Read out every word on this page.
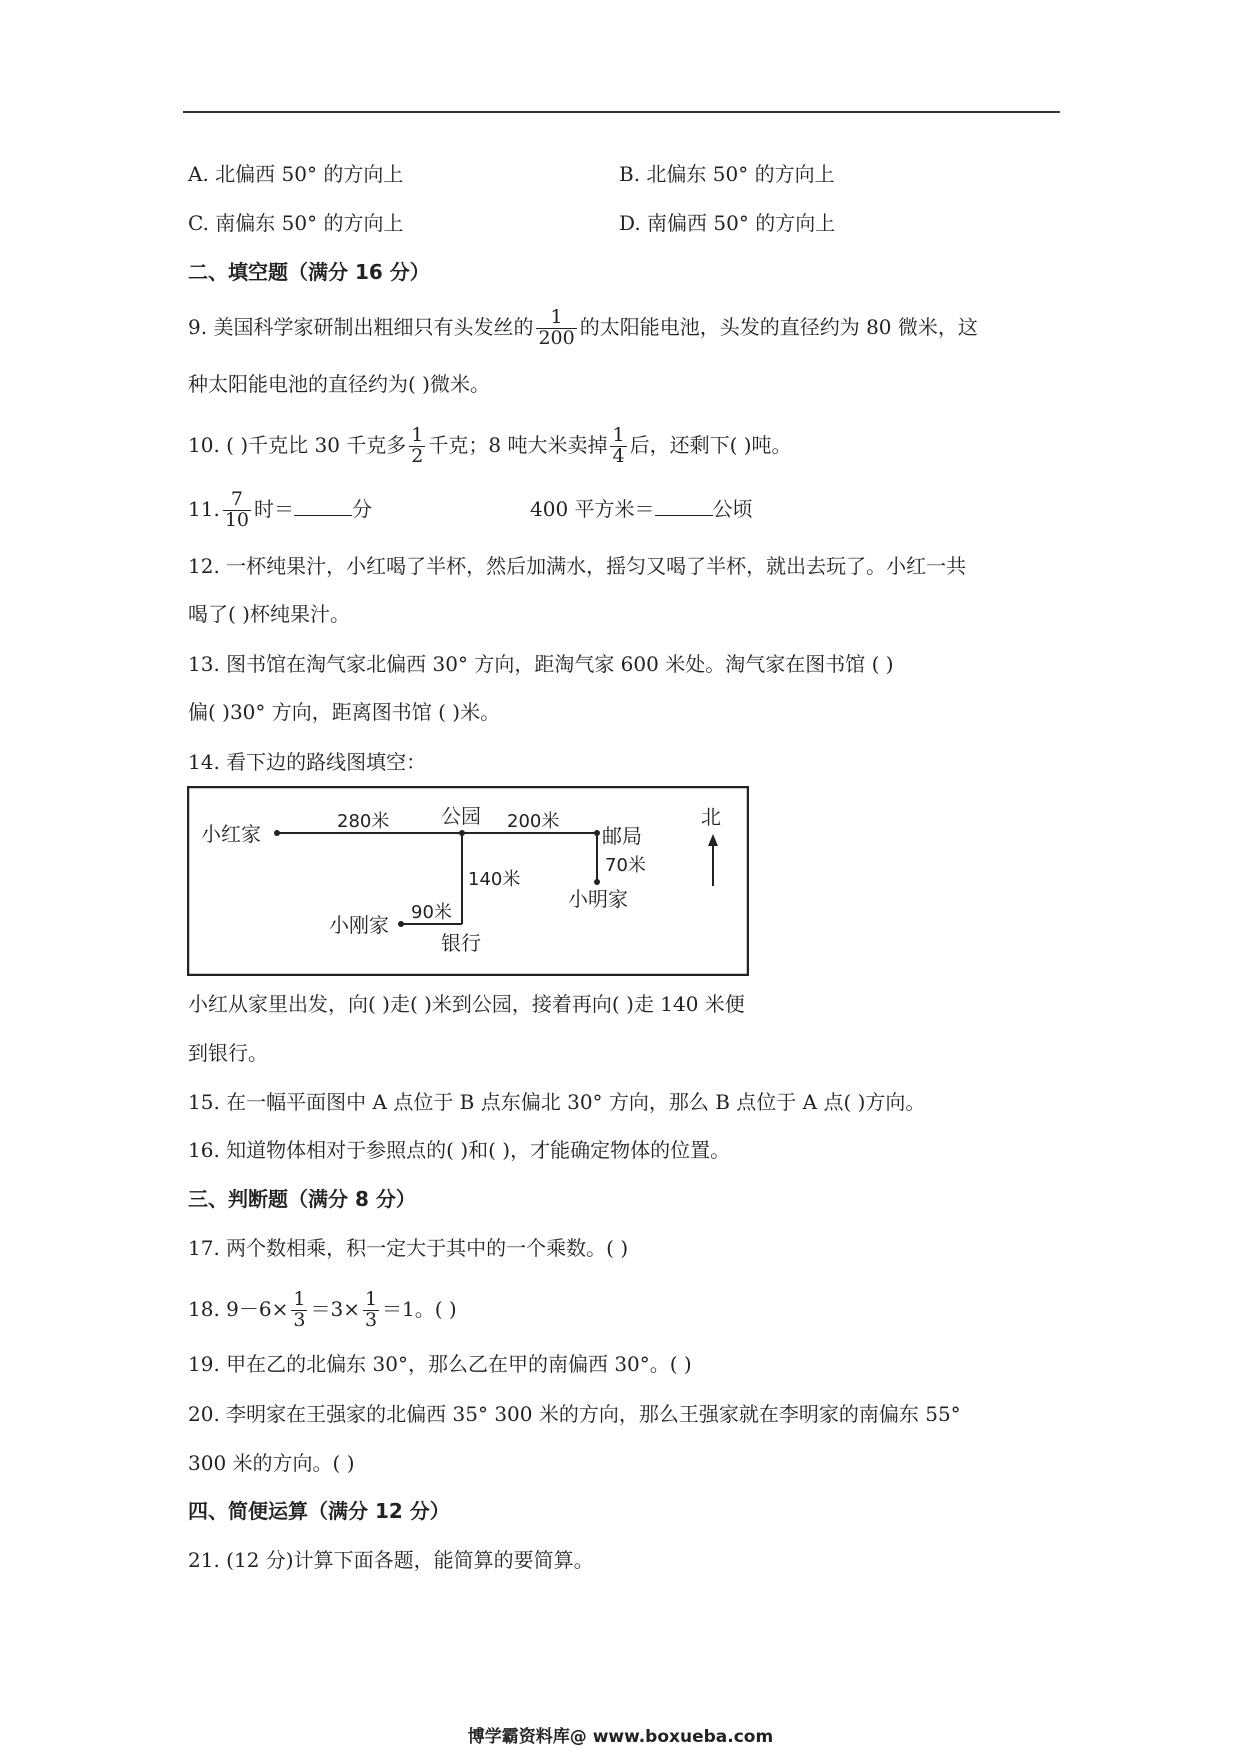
A. 北偏西 50° 的方向上	B. 北偏东 50° 的方向上
C. 南偏东 50° 的方向上	D. 南偏西 50° 的方向上
二、填空题（满分 16 分）
9. 美国科学家研制出粗细只有头发丝的 $\frac{1}{200}$ 的太阳能电池，头发的直径约为 80 微米，这
种太阳能电池的直径约为( )微米。
10. ( )千克比 30 千克多 $\frac{1}{2}$ 千克；8 吨大米卖掉 $\frac{1}{4}$ 后，还剩下( )吨。
11. $\frac{7}{10}$ 时＝	分	400 平方米＝	公顷
12. 一杯纯果汁，小红喝了半杯，然后加满水，摇匀又喝了半杯，就出去玩了。小红一共
喝了( )杯纯果汁。
13. 图书馆在淘气家北偏西 30° 方向，距淘气家 600 米处。淘气家在图书馆 ( )
偏( )30° 方向，距离图书馆 ( )米。
14. 看下边的路线图填空：
小红家
280米	公园 200米
邮局
70米
小明家
140米
90米
小刚家
银行
北
小红从家里出发，向( )走( )米到公园，接着再向( )走 140 米便
到银行。
15. 在一幅平面图中 A 点位于 B 点东偏北 30° 方向，那么 B 点位于 A 点( )方向。
16. 知道物体相对于参照点的( )和( )，才能确定物体的位置。
三、判断题（满分 8 分）
17. 两个数相乘，积一定大于其中的一个乘数。( )
18. $9-6\times \frac{1}{3} =3\times \frac{1}{3} =1$。( )
19. 甲在乙的北偏东 30°，那么乙在甲的南偏西 30°。( )
20. 李明家在王强家的北偏西 35° 300 米的方向，那么王强家就在李明家的南偏东 55°
300 米的方向。( )
四、简便运算（满分 12 分）
21. (12 分)计算下面各题，能简算的要简算。
博学霸资料库@ www.boxueba.com
